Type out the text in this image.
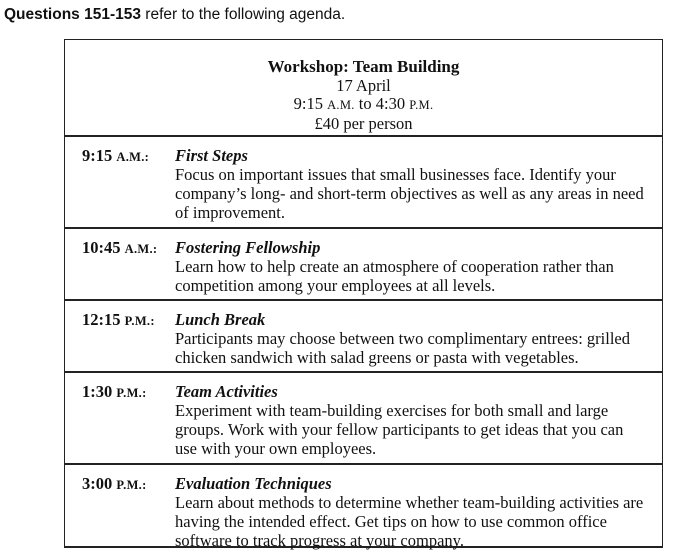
Questions 151-153 refer to the following agenda.
Workshop: Team Building
17 April
9:15 A.M. to 4:30 P.M.
£40 per person
9:15 A.M.:	First Steps
Focus on important issues that small businesses face. Identify your company’s long- and short-term objectives as well as any areas in need of improvement.
10:45 A.M.:	Fostering Fellowship
Learn how to help create an atmosphere of cooperation rather than competition among your employees at all levels.
12:15 P.M.:	Lunch Break
Participants may choose between two complimentary entrees: grilled chicken sandwich with salad greens or pasta with vegetables.
1:30 P.M.:	Team Activities
Experiment with team-building exercises for both small and large groups. Work with your fellow participants to get ideas that you can use with your own employees.
3:00 P.M.:	Evaluation Techniques
Learn about methods to determine whether team-building activities are having the intended effect. Get tips on how to use common office software to track progress at your company.
